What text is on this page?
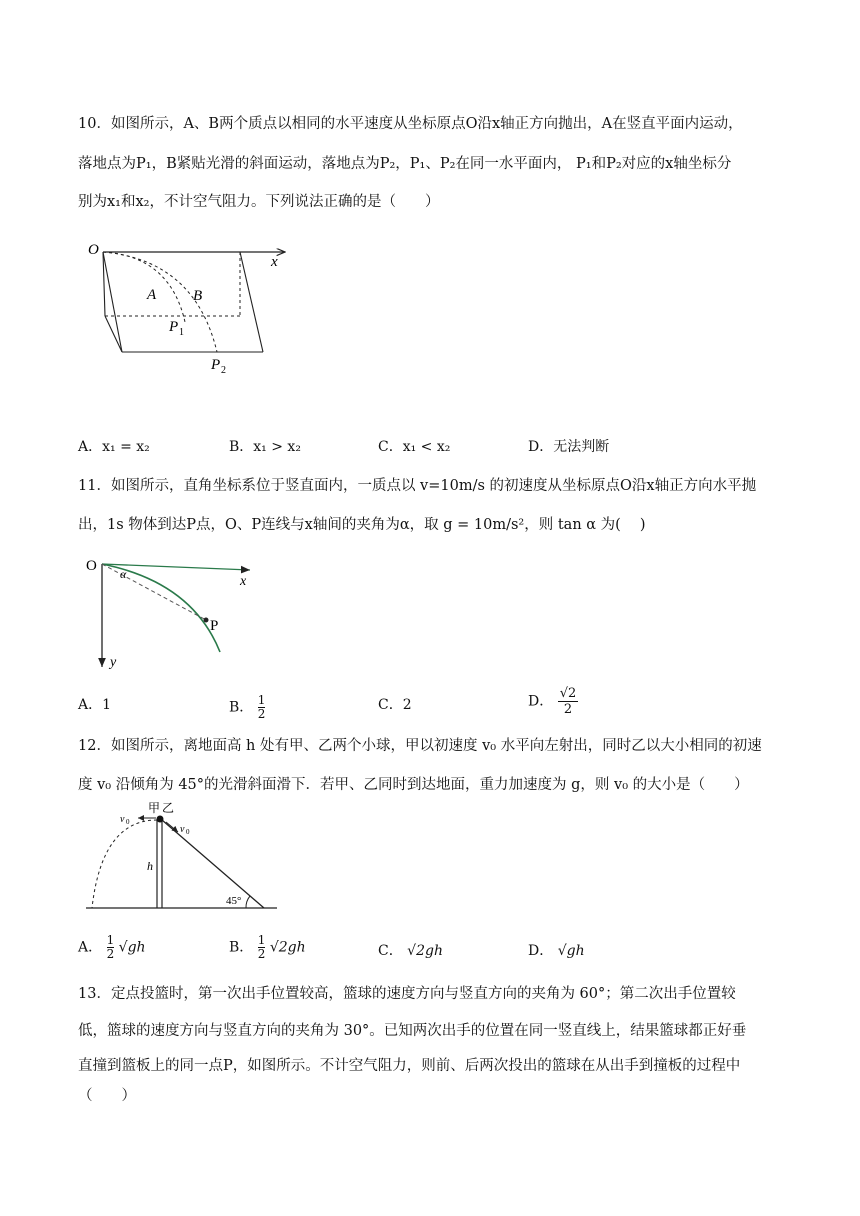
10．如图所示，A、B两个质点以相同的水平速度从坐标原点O沿x轴正方向抛出，A在竖直平面内运动，
落地点为P₁，B紧贴光滑的斜面运动，落地点为P₂，P₁、P₂在同一水平面内， P₁和P₂对应的x轴坐标分
别为x₁和x₂，不计空气阻力。下列说法正确的是（　　）
O
x
A B
P 1
P 2
A．x₁ = x₂	B．x₁ > x₂	C．x₁ < x₂	D．无法判断
11．如图所示，直角坐标系位于竖直面内，一质点以 v=10m/s 的初速度从坐标原点O沿x轴正方向水平抛
出，1s 物体到达P点，O、P连线与x轴间的夹角为α，取 g = 10m/s²，则 tan α 为(　 )
O
x
y
α
P
A．1	B． $\frac{1}{2}$	C．2	D． $\frac{√2}{2}$
12．如图所示，离地面高 h 处有甲、乙两个小球，甲以初速度 v₀ 水平向左射出，同时乙以大小相同的初速
度 v₀ 沿倾角为 45°的光滑斜面滑下．若甲、乙同时到达地面，重力加速度为 g，则 v₀ 的大小是（　　）
甲 乙
v 0
v 0
h
45°
A． $\frac{1}{2} √gh$	B． $\frac{1}{2} √2gh$	C． √2gh	D． √gh
13．定点投篮时，第一次出手位置较高，篮球的速度方向与竖直方向的夹角为 60°；第二次出手位置较
低，篮球的速度方向与竖直方向的夹角为 30°。已知两次出手的位置在同一竖直线上，结果篮球都正好垂
直撞到篮板上的同一点P，如图所示。不计空气阻力，则前、后两次投出的篮球在从出手到撞板的过程中
（　　）
